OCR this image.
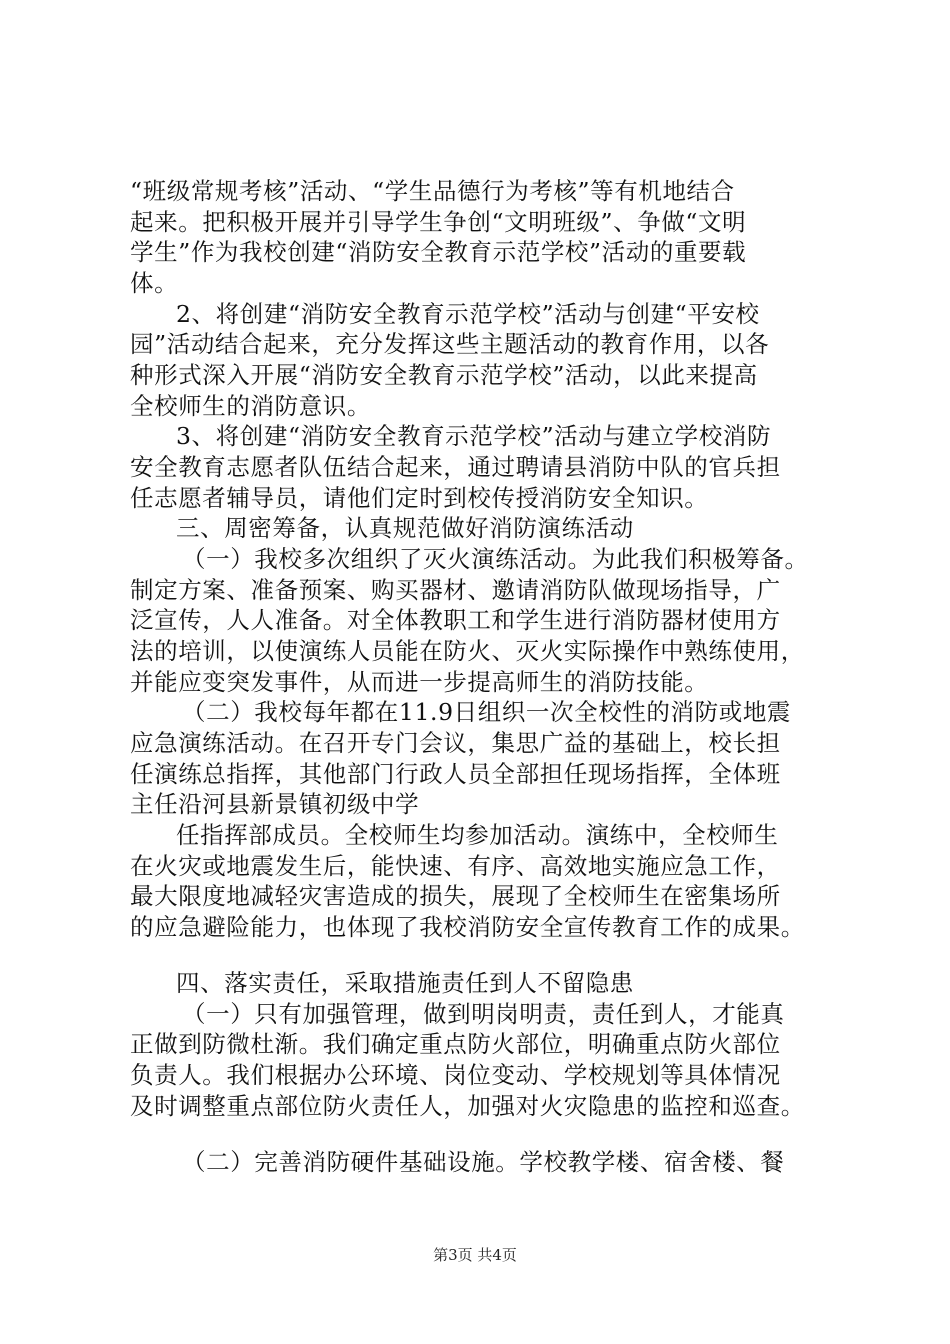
“班级常规考核”活动、“学生品德行为考核”等有机地结合
起来。把积极开展并引导学生争创“文明班级”、争做“文明
学生”作为我校创建“消防安全教育示范学校”活动的重要载
体。
2、将创建“消防安全教育示范学校”活动与创建“平安校
园”活动结合起来，充分发挥这些主题活动的教育作用，以各
种形式深入开展“消防安全教育示范学校”活动，以此来提高
全校师生的消防意识。
3、将创建“消防安全教育示范学校”活动与建立学校消防
安全教育志愿者队伍结合起来，通过聘请县消防中队的官兵担
任志愿者辅导员，请他们定时到校传授消防安全知识。
三、周密筹备，认真规范做好消防演练活动
（一）我校多次组织了灭火演练活动。为此我们积极筹备。
制定方案、准备预案、购买器材、邀请消防队做现场指导，广
泛宣传，人人准备。对全体教职工和学生进行消防器材使用方
法的培训，以使演练人员能在防火、灭火实际操作中熟练使用，
并能应变突发事件，从而进一步提高师生的消防技能。
（二）我校每年都在11.9日组织一次全校性的消防或地震
应急演练活动。在召开专门会议，集思广益的基础上，校长担
任演练总指挥，其他部门行政人员全部担任现场指挥，全体班
主任沿河县新景镇初级中学
任指挥部成员。全校师生均参加活动。演练中，全校师生
在火灾或地震发生后，能快速、有序、高效地实施应急工作，
最大限度地减轻灾害造成的损失，展现了全校师生在密集场所
的应急避险能力，也体现了我校消防安全宣传教育工作的成果。
四、落实责任，采取措施责任到人不留隐患
（一）只有加强管理，做到明岗明责，责任到人，才能真
正做到防微杜渐。我们确定重点防火部位，明确重点防火部位
负责人。我们根据办公环境、岗位变动、学校规划等具体情况
及时调整重点部位防火责任人，加强对火灾隐患的监控和巡查。
（二）完善消防硬件基础设施。学校教学楼、宿舍楼、餐
第3页 共4页
